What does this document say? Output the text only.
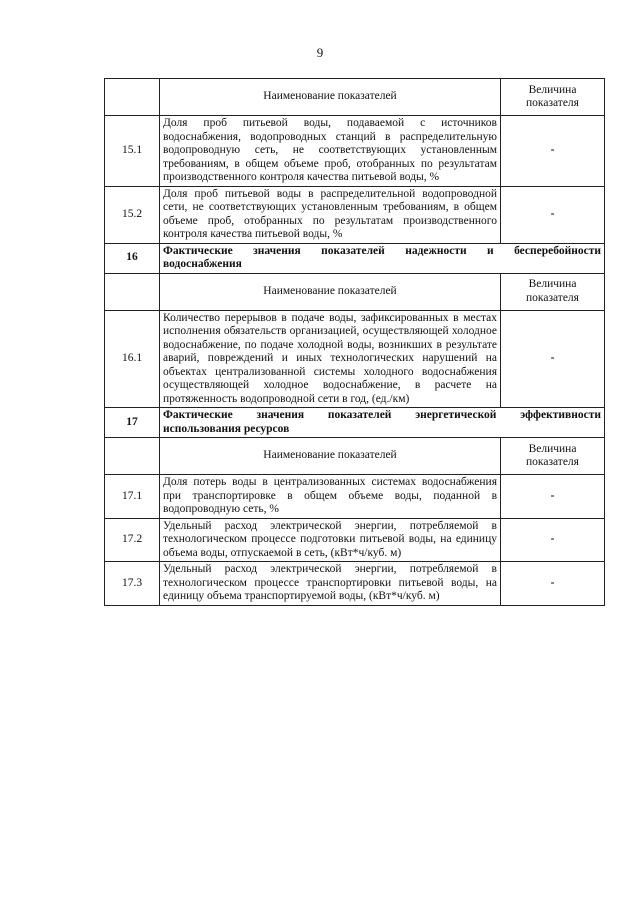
9
	Наименование показателей	Величина показателя
15.1	Доля проб питьевой воды, подаваемой с источников водоснабжения, водопроводных станций в распределительную водопроводную сеть, не соответствующих установленным требованиям, в общем объеме проб, отобранных по результатам производственного контроля качества питьевой воды, %	-
15.2	Доля проб питьевой воды в распределительной водопроводной сети, не соответствующих установленным требованиям, в общем объеме проб, отобранных по результатам производственного контроля качества питьевой воды, %	-
16	Фактические значения показателей надежности и бесперебойности
водоснабжения	

	Наименование показателей	Величина показателя
16.1	Количество перерывов в подаче воды, зафиксированных в местах исполнения обязательств организацией, осуществляющей холодное водоснабжение, по подаче холодной воды, возникших в результате аварий, повреждений и иных технологических нарушений на объектах централизованной системы холодного водоснабжения осуществляющей холодное водоснабжение, в расчете на протяженность водопроводной сети в год, (ед./км)	-
17	Фактические значения показателей энергетической эффективности
использования ресурсов	

	Наименование показателей	Величина показателя
17.1	Доля потерь воды в централизованных системах водоснабжения при транспортировке в общем объеме воды, поданной в водопроводную сеть, %	-
17.2	Удельный расход электрической энергии, потребляемой в технологическом процессе подготовки питьевой воды, на единицу объема воды, отпускаемой в сеть, (кВт*ч/куб. м)	-
17.3	Удельный расход электрической энергии, потребляемой в технологическом процессе транспортировки питьевой воды, на единицу объема транспортируемой воды, (кВт*ч/куб. м)	-
